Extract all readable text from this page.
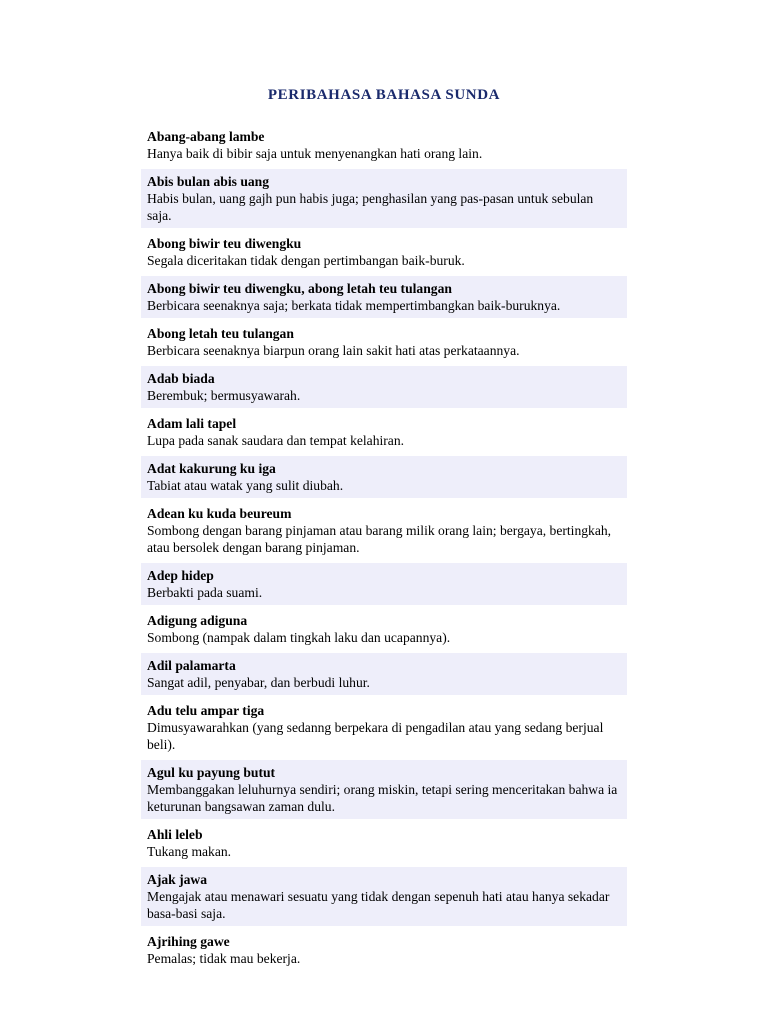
PERIBAHASA BAHASA SUNDA
Abang-abang lambe
Hanya baik di bibir saja untuk menyenangkan hati orang lain.
Abis bulan abis uang
Habis bulan, uang gajh pun habis juga; penghasilan yang pas-pasan untuk sebulan saja.
Abong biwir teu diwengku
Segala diceritakan tidak dengan pertimbangan baik-buruk.
Abong biwir teu diwengku, abong letah teu tulangan
Berbicara seenaknya saja; berkata tidak mempertimbangkan baik-buruknya.
Abong letah teu tulangan
Berbicara seenaknya biarpun orang lain sakit hati atas perkataannya.
Adab biada
Berembuk; bermusyawarah.
Adam lali tapel
Lupa pada sanak saudara dan tempat kelahiran.
Adat kakurung ku iga
Tabiat atau watak yang sulit diubah.
Adean ku kuda beureum
Sombong dengan barang pinjaman atau barang milik orang lain; bergaya, bertingkah, atau bersolek dengan barang pinjaman.
Adep hidep
Berbakti pada suami.
Adigung adiguna
Sombong (nampak dalam tingkah laku dan ucapannya).
Adil palamarta
Sangat adil, penyabar, dan berbudi luhur.
Adu telu ampar tiga
Dimusyawarahkan (yang sedanng berpekara di pengadilan atau yang sedang berjual beli).
Agul ku payung butut
Membanggakan leluhurnya sendiri; orang miskin, tetapi sering menceritakan bahwa ia keturunan bangsawan zaman dulu.
Ahli leleb
Tukang makan.
Ajak jawa
Mengajak atau menawari sesuatu yang tidak dengan sepenuh hati atau hanya sekadar basa-basi saja.
Ajrihing gawe
Pemalas; tidak mau bekerja.
